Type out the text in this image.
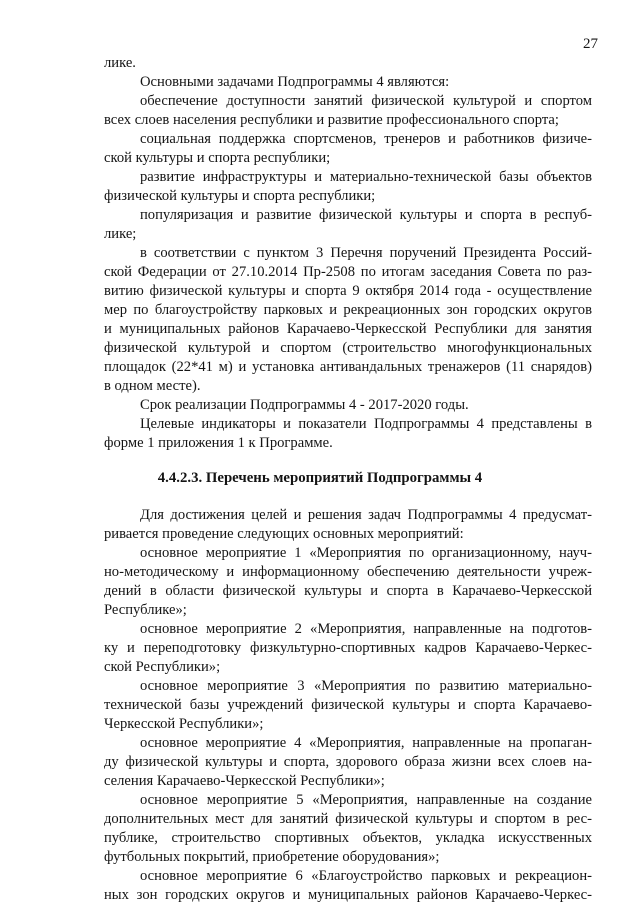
27
лике.
Основными задачами Подпрограммы 4 являются:
обеспечение доступности занятий физической культурой и спортом
всех слоев населения республики и развитие профессионального спорта;
социальная поддержка спортсменов, тренеров и работников физиче-
ской культуры и спорта республики;
развитие инфраструктуры и материально-технической базы объектов
физической культуры и спорта республики;
популяризация и развитие физической культуры и спорта в респуб-
лике;
в соответствии с пунктом 3 Перечня поручений Президента Россий-
ской Федерации от 27.10.2014 Пр-2508 по итогам заседания Совета по раз-
витию физической культуры и спорта 9 октября 2014 года - осуществление
мер по благоустройству парковых и рекреационных зон городских округов
и муниципальных районов Карачаево-Черкесской Республики для занятия
физической культурой и спортом (строительство многофункциональных
площадок (22*41 м) и установка антивандальных тренажеров (11 снарядов)
в одном месте).
Срок реализации Подпрограммы 4 - 2017-2020 годы.
Целевые индикаторы и показатели Подпрограммы 4 представлены в
форме 1 приложения 1 к Программе.
4.4.2.3. Перечень мероприятий Подпрограммы 4
Для достижения целей и решения задач Подпрограммы 4 предусмат-
ривается проведение следующих основных мероприятий:
основное мероприятие 1 «Мероприятия по организационному, науч-
но-методическому и информационному обеспечению деятельности учреж-
дений в области физической культуры и спорта в Карачаево-Черкесской
Республике»;
основное мероприятие 2 «Мероприятия, направленные на подготов-
ку и переподготовку физкультурно-спортивных кадров Карачаево-Черкес-
ской Республики»;
основное мероприятие 3 «Мероприятия по развитию материально-
технической базы учреждений физической культуры и спорта Карачаево-
Черкесской Республики»;
основное мероприятие 4 «Мероприятия, направленные на пропаган-
ду физической культуры и спорта, здорового образа жизни всех слоев на-
селения Карачаево-Черкесской Республики»;
основное мероприятие 5 «Мероприятия, направленные на создание
дополнительных мест для занятий физической культуры и спортом в рес-
публике, строительство спортивных объектов, укладка искусственных
футбольных покрытий, приобретение оборудования»;
основное мероприятие 6 «Благоустройство парковых и рекреацион-
ных зон городских округов и муниципальных районов Карачаево-Черкес-
